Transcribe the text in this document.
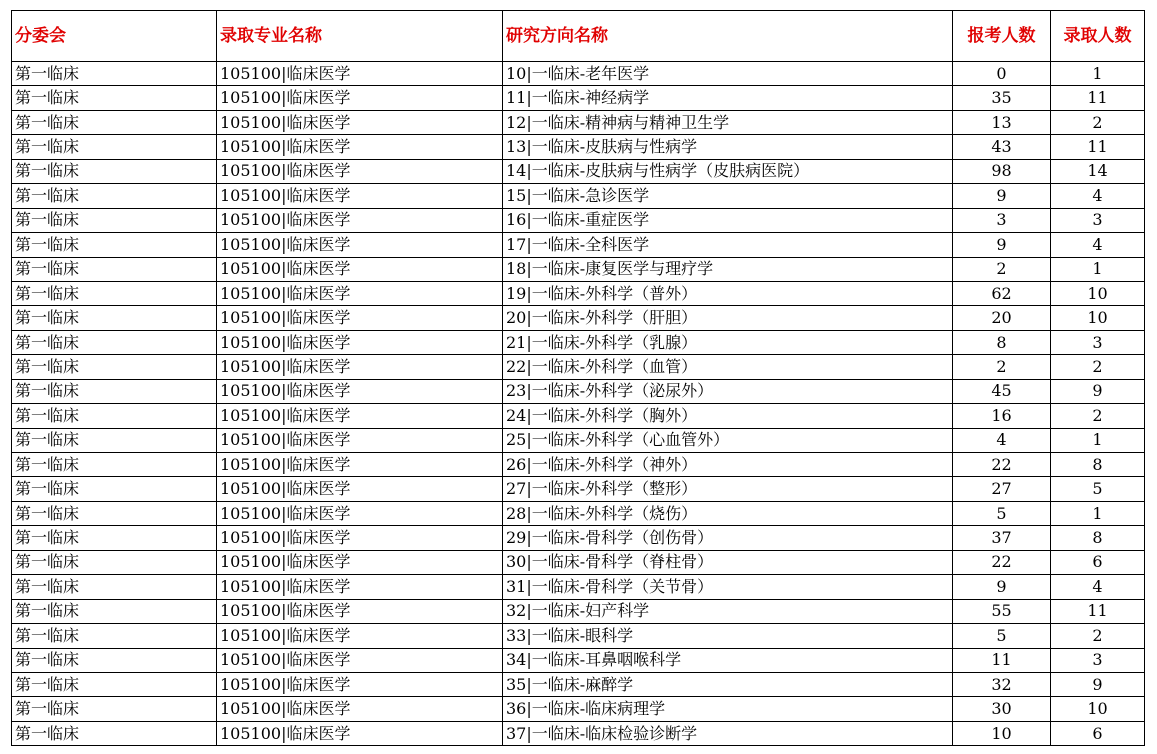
分委会	录取专业名称	研究方向名称	报考人数	录取人数
第一临床	105100|临床医学	10|一临床-老年医学	0	1
第一临床	105100|临床医学	11|一临床-神经病学	35	11
第一临床	105100|临床医学	12|一临床-精神病与精神卫生学	13	2
第一临床	105100|临床医学	13|一临床-皮肤病与性病学	43	11
第一临床	105100|临床医学	14|一临床-皮肤病与性病学（皮肤病医院）	98	14
第一临床	105100|临床医学	15|一临床-急诊医学	9	4
第一临床	105100|临床医学	16|一临床-重症医学	3	3
第一临床	105100|临床医学	17|一临床-全科医学	9	4
第一临床	105100|临床医学	18|一临床-康复医学与理疗学	2	1
第一临床	105100|临床医学	19|一临床-外科学（普外）	62	10
第一临床	105100|临床医学	20|一临床-外科学（肝胆）	20	10
第一临床	105100|临床医学	21|一临床-外科学（乳腺）	8	3
第一临床	105100|临床医学	22|一临床-外科学（血管）	2	2
第一临床	105100|临床医学	23|一临床-外科学（泌尿外）	45	9
第一临床	105100|临床医学	24|一临床-外科学（胸外）	16	2
第一临床	105100|临床医学	25|一临床-外科学（心血管外）	4	1
第一临床	105100|临床医学	26|一临床-外科学（神外）	22	8
第一临床	105100|临床医学	27|一临床-外科学（整形）	27	5
第一临床	105100|临床医学	28|一临床-外科学（烧伤）	5	1
第一临床	105100|临床医学	29|一临床-骨科学（创伤骨）	37	8
第一临床	105100|临床医学	30|一临床-骨科学（脊柱骨）	22	6
第一临床	105100|临床医学	31|一临床-骨科学（关节骨）	9	4
第一临床	105100|临床医学	32|一临床-妇产科学	55	11
第一临床	105100|临床医学	33|一临床-眼科学	5	2
第一临床	105100|临床医学	34|一临床-耳鼻咽喉科学	11	3
第一临床	105100|临床医学	35|一临床-麻醉学	32	9
第一临床	105100|临床医学	36|一临床-临床病理学	30	10
第一临床	105100|临床医学	37|一临床-临床检验诊断学	10	6
